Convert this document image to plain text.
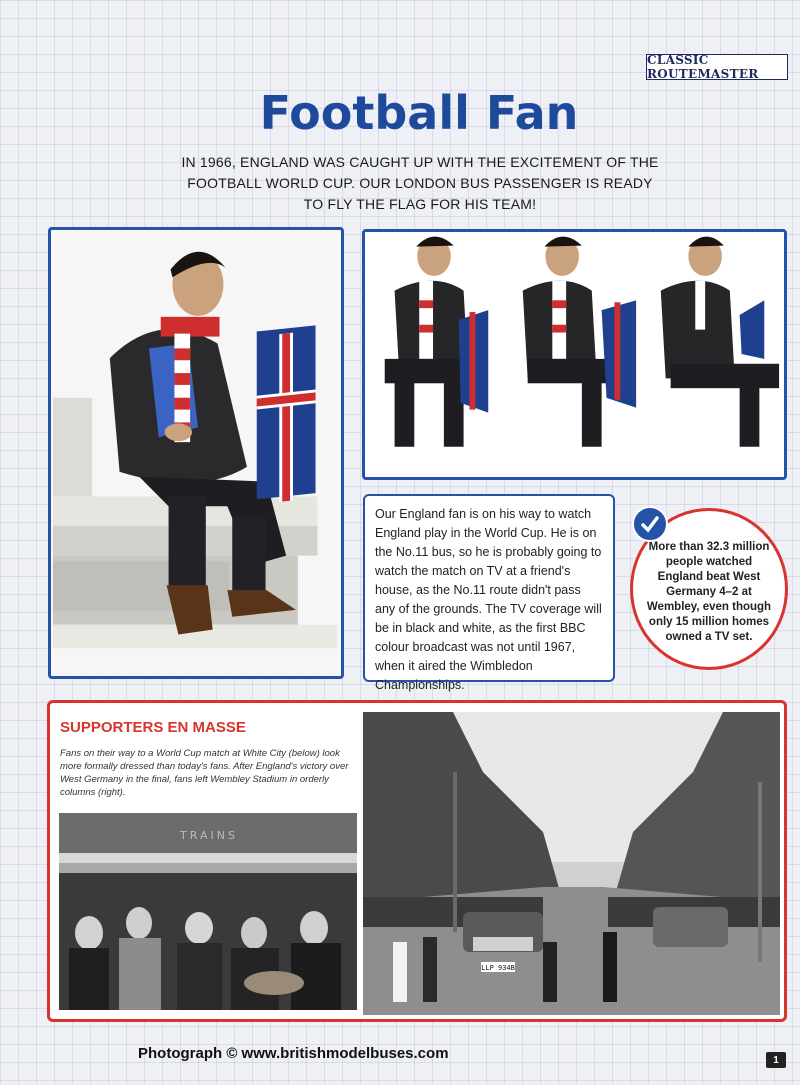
CLASSIC ROUTEMASTER
Football Fan

IN 1966, ENGLAND WAS CAUGHT UP WITH THE EXCITEMENT OF THE FOOTBALL WORLD CUP. OUR LONDON BUS PASSENGER IS READY TO FLY THE FLAG FOR HIS TEAM!

Our England fan is on his way to watch England play in the World Cup. He is on the No.11 bus, so he is probably going to watch the match on TV at a friend's house, as the No.11 route didn't pass any of the grounds. The TV coverage will be in black and white, as the first BBC colour broadcast was not until 1967, when it aired the Wimbledon Championships.

More than 32.3 million people watched England beat West Germany 4–2 at Wembley, even though only 15 million homes owned a TV set.

SUPPORTERS EN MASSE
Fans on their way to a World Cup match at White City (below) look more formally dressed than today's fans. After England's victory over West Germany in the final, fans left Wembley Stadium in orderly columns (right).
TRAINS
LLP 934B
Photograph © www.britishmodelbuses.com	1
